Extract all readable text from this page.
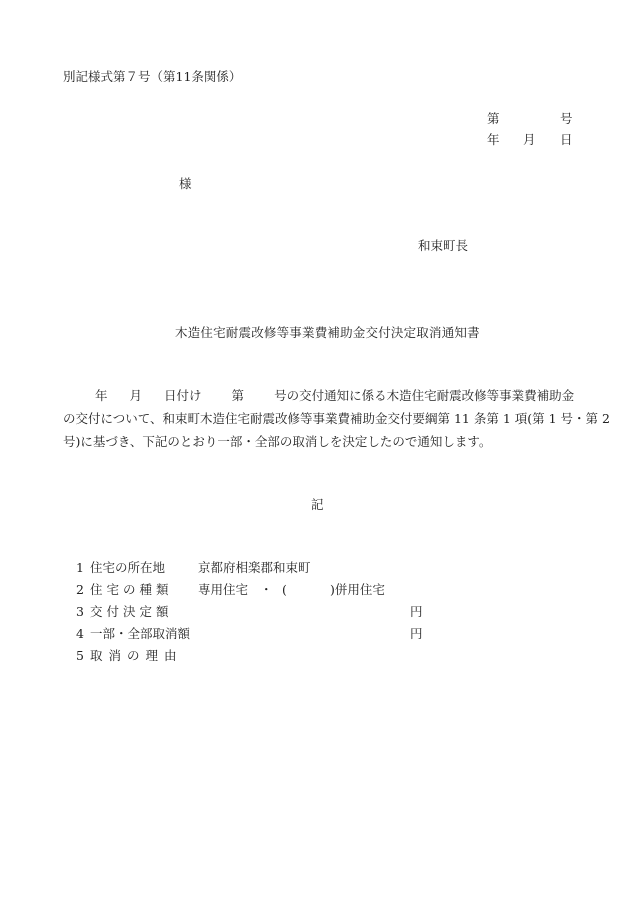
別記様式第７号（第11条関係）
第	号
年 月 日
様
和束町長
木造住宅耐震改修等事業費補助金交付決定取消通知書
年 月 日付け 第 号の交付通知に係る木造住宅耐震改修等事業費補助金
の交付について、和束町木造住宅耐震改修等事業費補助金交付要綱第 11 条第 1 項(第 1 号・第 2
号)に基づき、下記のとおり一部・全部の取消しを決定したので通知します。
記
1 住宅の所在地	京都府相楽郡和束町
2 住宅の種類 専用住宅 ・ (	)併用住宅
3 交付決定額	円
4 一部・全部取消額	円
5 取消の理由
